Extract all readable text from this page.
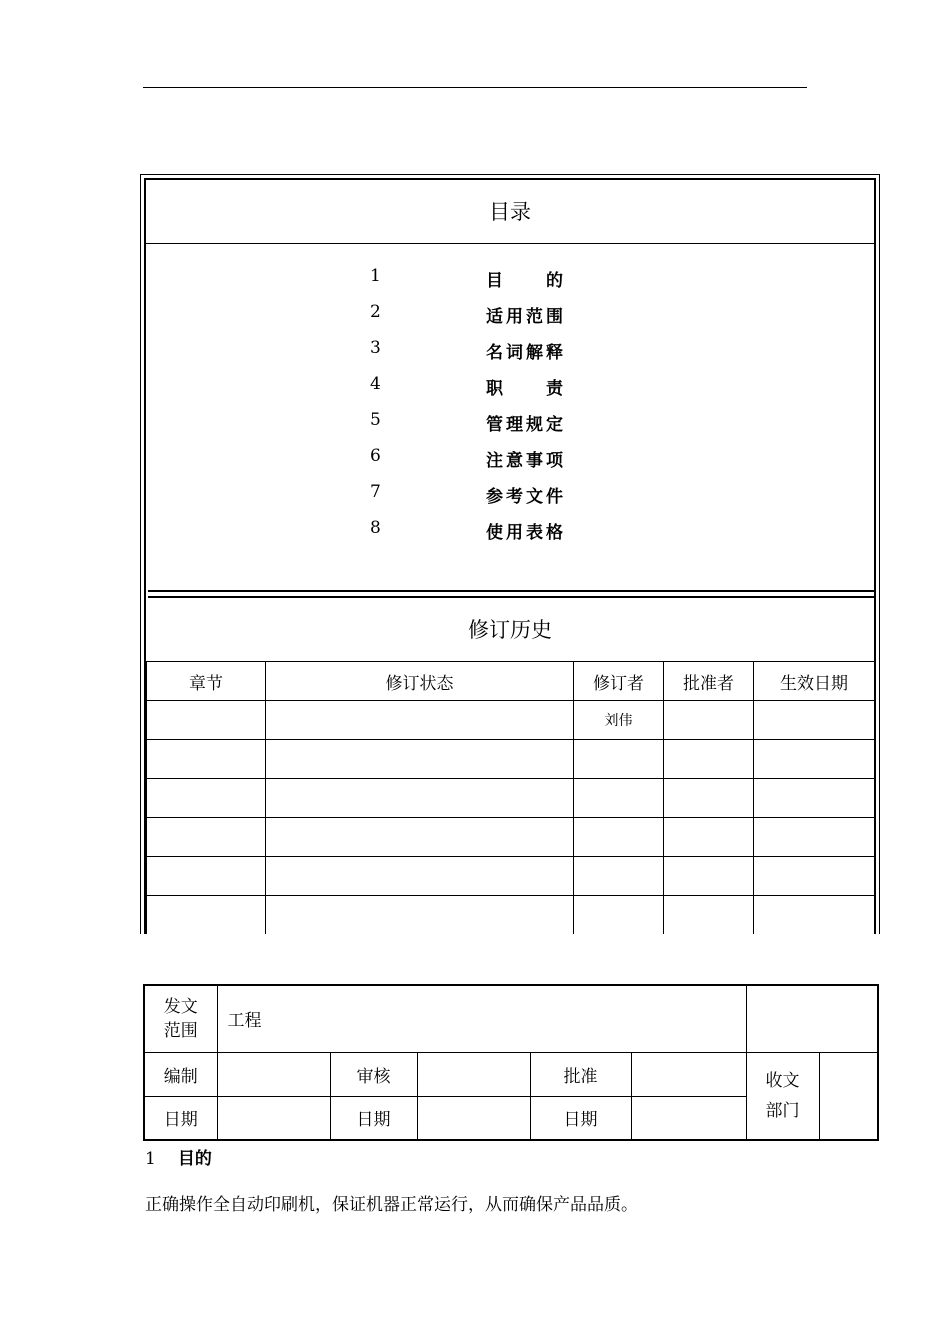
目录
1	目的
2	适用范围
3	名词解释
4	职责
5	管理规定
6	注意事项
7	参考文件
8	使用表格
修订历史
章节	修订状态	修订者	批准者	生效日期
		刘伟		

发文范围	工程						
编制		审核		批准		收文部门	

日期		日期		日期			
1 目的
正确操作全自动印刷机，保证机器正常运行，从而确保产品品质。
